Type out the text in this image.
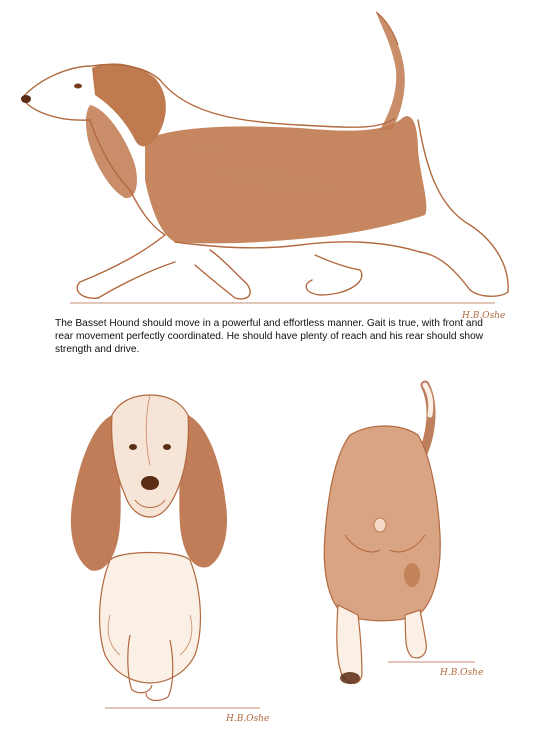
H.B.Oshe

The Basset Hound should move in a powerful and effortless manner. Gait is true, with front and rear movement perfectly coordinated. He should have plenty of reach and his rear should show strength and drive.

H.B.Oshe
H.B.Oshe
